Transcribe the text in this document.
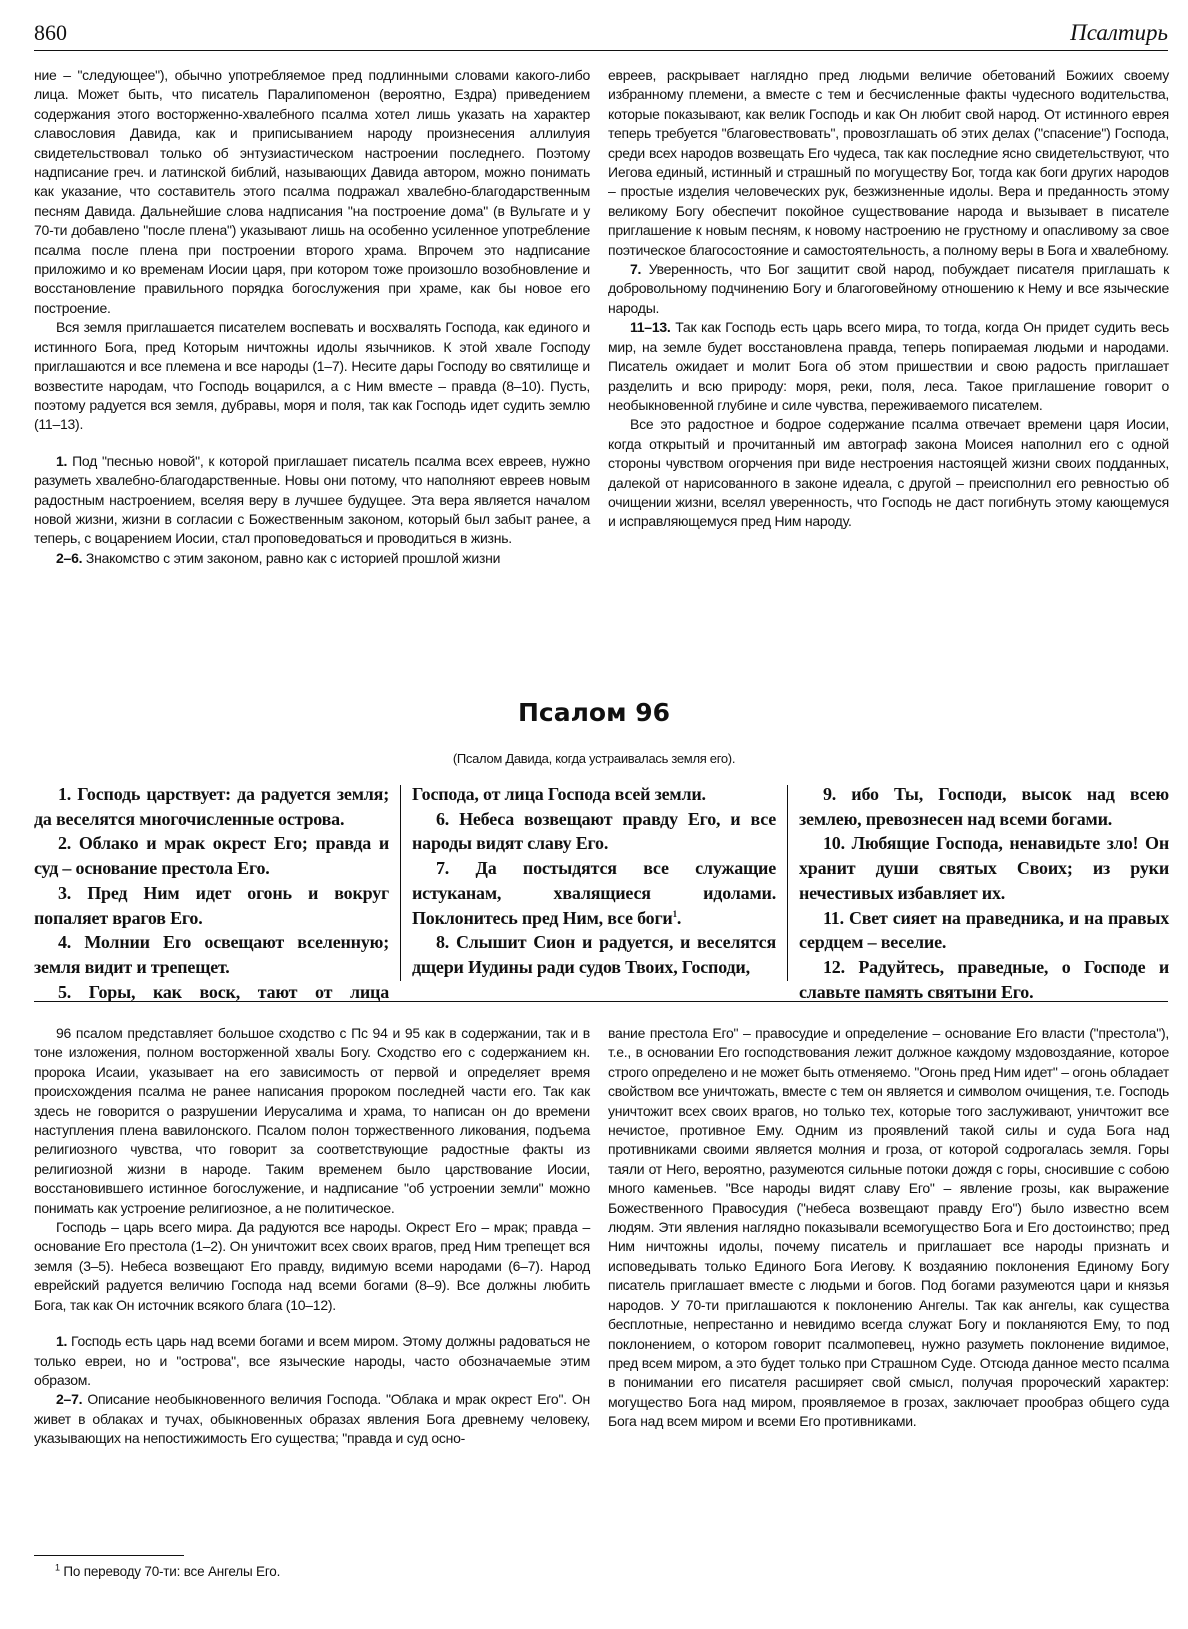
860	Псалтирь

ние – "следующее"), обычно употребляемое пред подлинными словами какого-либо лица. Может быть, что писатель Паралипоменон (вероятно, Ездра) приведением содержания этого восторженно-хвалебного псалма хотел лишь указать на характер славословия Давида, как и приписыванием народу произнесения аллилуия свидетельствовал только об энтузиастическом настроении последнего. Поэтому надписание греч. и латинской библий, называющих Давида автором, можно понимать как указание, что составитель этого псалма подражал хвалебно-благодарственным песням Давида. Дальнейшие слова надписания "на построение дома" (в Вульгате и у 70-ти добавлено "после плена") указывают лишь на особенно усиленное употребление псалма после плена при построении второго храма. Впрочем это надписание приложимо и ко временам Иосии царя, при котором тоже произошло возобновление и восстановление правильного порядка богослужения при храме, как бы новое его построение.

Вся земля приглашается писателем воспевать и восхвалять Господа, как единого и истинного Бога, пред Которым ничтожны идолы язычников. К этой хвале Господу приглашаются и все племена и все народы (1–7). Несите дары Господу во святилище и возвестите народам, что Господь воцарился, а с Ним вместе – правда (8–10). Пусть, поэтому радуется вся земля, дубравы, моря и поля, так как Господь идет судить землю (11–13).

1. Под "песнью новой", к которой приглашает писатель псалма всех евреев, нужно разуметь хвалебно-благодарственные. Новы они потому, что наполняют евреев новым радостным настроением, вселяя веру в лучшее будущее. Эта вера является началом новой жизни, жизни в согласии с Божественным законом, который был забыт ранее, а теперь, с воцарением Иосии, стал проповедоваться и проводиться в жизнь.

2–6. Знакомство с этим законом, равно как с историей прошлой жизни

евреев, раскрывает наглядно пред людьми величие обетований Божиих своему избранному племени, а вместе с тем и бесчисленные факты чудесного водительства, которые показывают, как велик Господь и как Он любит свой народ. От истинного еврея теперь требуется "благовествовать", провозглашать об этих делах ("спасение") Господа, среди всех народов возвещать Его чудеса, так как последние ясно свидетельствуют, что Иегова единый, истинный и страшный по могуществу Бог, тогда как боги других народов – простые изделия человеческих рук, безжизненные идолы. Вера и преданность этому великому Богу обеспечит покойное существование народа и вызывает в писателе приглашение к новым песням, к новому настроению не грустному и опасливому за свое поэтическое благосостояние и самостоятельность, а полному веры в Бога и хвалебному.

7. Уверенность, что Бог защитит свой народ, побуждает писателя приглашать к добровольному подчинению Богу и благоговейному отношению к Нему и все языческие народы.

11–13. Так как Господь есть царь всего мира, то тогда, когда Он придет судить весь мир, на земле будет восстановлена правда, теперь попираемая людьми и народами. Писатель ожидает и молит Бога об этом пришествии и свою радость приглашает разделить и всю природу: моря, реки, поля, леса. Такое приглашение говорит о необыкновенной глубине и силе чувства, переживаемого писателем.

Все это радостное и бодрое содержание псалма отвечает времени царя Иосии, когда открытый и прочитанный им автограф закона Моисея наполнил его с одной стороны чувством огорчения при виде нестроения настоящей жизни своих подданных, далекой от нарисованного в законе идеала, с другой – преисполнил его ревностью об очищении жизни, вселял уверенность, что Господь не даст погибнуть этому кающемуся и исправляющемуся пред Ним народу.

Псалом 96
(Псалом Давида, когда устраивалась земля его).

1. Господь царствует: да радуется земля; да веселятся многочисленные острова.

2. Облако и мрак окрест Его; правда и суд – основание престола Его.

3. Пред Ним идет огонь и вокруг попаляет врагов Его.

4. Молнии Его освещают вселенную; земля видит и трепещет.

5. Горы, как воск, тают от лица

Господа, от лица Господа всей земли.

6. Небеса возвещают правду Его, и все народы видят славу Его.

7. Да постыдятся все служащие истуканам, хвалящиеся идолами. Поклонитесь пред Ним, все боги$^1$.

8. Слышит Сион и радуется, и веселятся дщери Иудины ради судов Твоих, Господи,

9. ибо Ты, Господи, высок над всею землею, превознесен над всеми богами.

10. Любящие Господа, ненавидьте зло! Он хранит души святых Своих; из руки нечестивых избавляет их.

11. Свет сияет на праведника, и на правых сердцем – веселие.

12. Радуйтесь, праведные, о Господе и славьте память святыни Его.

96 псалом представляет большое сходство с Пс 94 и 95 как в содержании, так и в тоне изложения, полном восторженной хвалы Богу. Сходство его с содержанием кн. пророка Исаии, указывает на его зависимость от первой и определяет время происхождения псалма не ранее написания пророком последней части его. Так как здесь не говорится о разрушении Иерусалима и храма, то написан он до времени наступления плена вавилонского. Псалом полон торжественного ликования, подъема религиозного чувства, что говорит за соответствующие радостные факты из религиозной жизни в народе. Таким временем было царствование Иосии, восстановившего истинное богослужение, и надписание "об устроении земли" можно понимать как устроение религиозное, а не политическое.

Господь – царь всего мира. Да радуются все народы. Окрест Его – мрак; правда – основание Его престола (1–2). Он уничтожит всех своих врагов, пред Ним трепещет вся земля (3–5). Небеса возвещают Его правду, видимую всеми народами (6–7). Народ еврейский радуется величию Господа над всеми богами (8–9). Все должны любить Бога, так как Он источник всякого блага (10–12).

1. Господь есть царь над всеми богами и всем миром. Этому должны радоваться не только евреи, но и "острова", все языческие народы, часто обозначаемые этим образом.

2–7. Описание необыкновенного величия Господа. "Облака и мрак окрест Его". Он живет в облаках и тучах, обыкновенных образах явления Бога древнему человеку, указывающих на непостижимость Его существа; "правда и суд осно-

вание престола Его" – правосудие и определение – основание Его власти ("престола"), т.е., в основании Его господствования лежит должное каждому мздовоздаяние, которое строго определено и не может быть отменяемо. "Огонь пред Ним идет" – огонь обладает свойством все уничтожать, вместе с тем он является и символом очищения, т.е. Господь уничтожит всех своих врагов, но только тех, которые того заслуживают, уничтожит все нечистое, противное Ему. Одним из проявлений такой силы и суда Бога над противниками своими является молния и гроза, от которой содрогалась земля. Горы таяли от Него, вероятно, разумеются сильные потоки дождя с горы, сносившие с собою много каменьев. "Все народы видят славу Его" – явление грозы, как выражение Божественного Правосудия ("небеса возвещают правду Его") было известно всем людям. Эти явления наглядно показывали всемогущество Бога и Его достоинство; пред Ним ничтожны идолы, почему писатель и приглашает все народы признать и исповедывать только Единого Бога Иегову. К воздаянию поклонения Единому Богу писатель приглашает вместе с людьми и богов. Под богами разумеются цари и князья народов. У 70-ти приглашаются к поклонению Ангелы. Так как ангелы, как существа бесплотные, непрестанно и невидимо всегда служат Богу и покланяются Ему, то под поклонением, о котором говорит псалмопевец, нужно разуметь поклонение видимое, пред всем миром, а это будет только при Страшном Суде. Отсюда данное место псалма в понимании его писателя расширяет свой смысл, получая пророческий характер: могущество Бога над миром, проявляемое в грозах, заключает прообраз общего суда Бога над всем миром и всеми Его противниками.

$^1$ По переводу 70-ти: все Ангелы Его.
